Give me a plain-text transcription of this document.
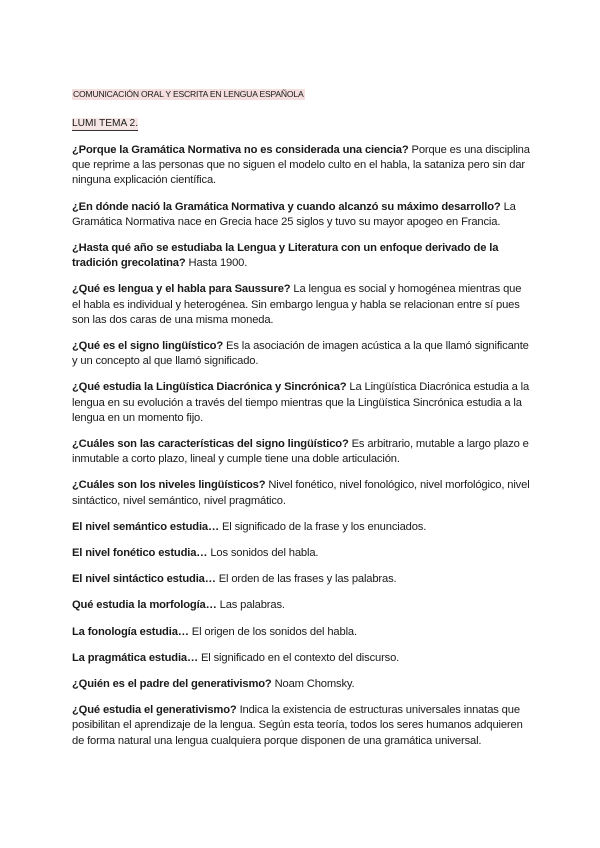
COMUNICACIÓN ORAL Y ESCRITA EN LENGUA ESPAÑOLA
LUMI TEMA 2.

¿Porque la Gramática Normativa no es considerada una ciencia? Porque es una disciplina que reprime a las personas que no siguen el modelo culto en el habla, la sataniza pero sin dar ninguna explicación científica.

¿En dónde nació la Gramática Normativa y cuando alcanzó su máximo desarrollo? La Gramática Normativa nace en Grecia hace 25 siglos y tuvo su mayor apogeo en Francia.

¿Hasta qué año se estudiaba la Lengua y Literatura con un enfoque derivado de la tradición grecolatina? Hasta 1900.

¿Qué es lengua y el habla para Saussure? La lengua es social y homogénea mientras que el habla es individual y heterogénea. Sin embargo lengua y habla se relacionan entre sí pues son las dos caras de una misma moneda.

¿Qué es el signo lingüístico? Es la asociación de imagen acústica a la que llamó significante y un concepto al que llamó significado.

¿Qué estudia la Lingüística Diacrónica y Sincrónica? La Lingüística Diacrónica estudia a la lengua en su evolución a través del tiempo mientras que la Lingüística Sincrónica estudia a la lengua en un momento fijo.

¿Cuáles son las características del signo lingüístico? Es arbitrario, mutable a largo plazo e inmutable a corto plazo, lineal y cumple tiene una doble articulación.

¿Cuáles son los niveles lingüísticos? Nivel fonético, nivel fonológico, nivel morfológico, nivel sintáctico, nivel semántico, nivel pragmático.

El nivel semántico estudia… El significado de la frase y los enunciados.

El nivel fonético estudia… Los sonidos del habla.

El nivel sintáctico estudia… El orden de las frases y las palabras.

Qué estudia la morfología… Las palabras.

La fonología estudia… El origen de los sonidos del habla.

La pragmática estudia… El significado en el contexto del discurso.

¿Quién es el padre del generativismo? Noam Chomsky.

¿Qué estudia el generativismo? Indica la existencia de estructuras universales innatas que posibilitan el aprendizaje de la lengua. Según esta teoría, todos los seres humanos adquieren de forma natural una lengua cualquiera porque disponen de una gramática universal.
